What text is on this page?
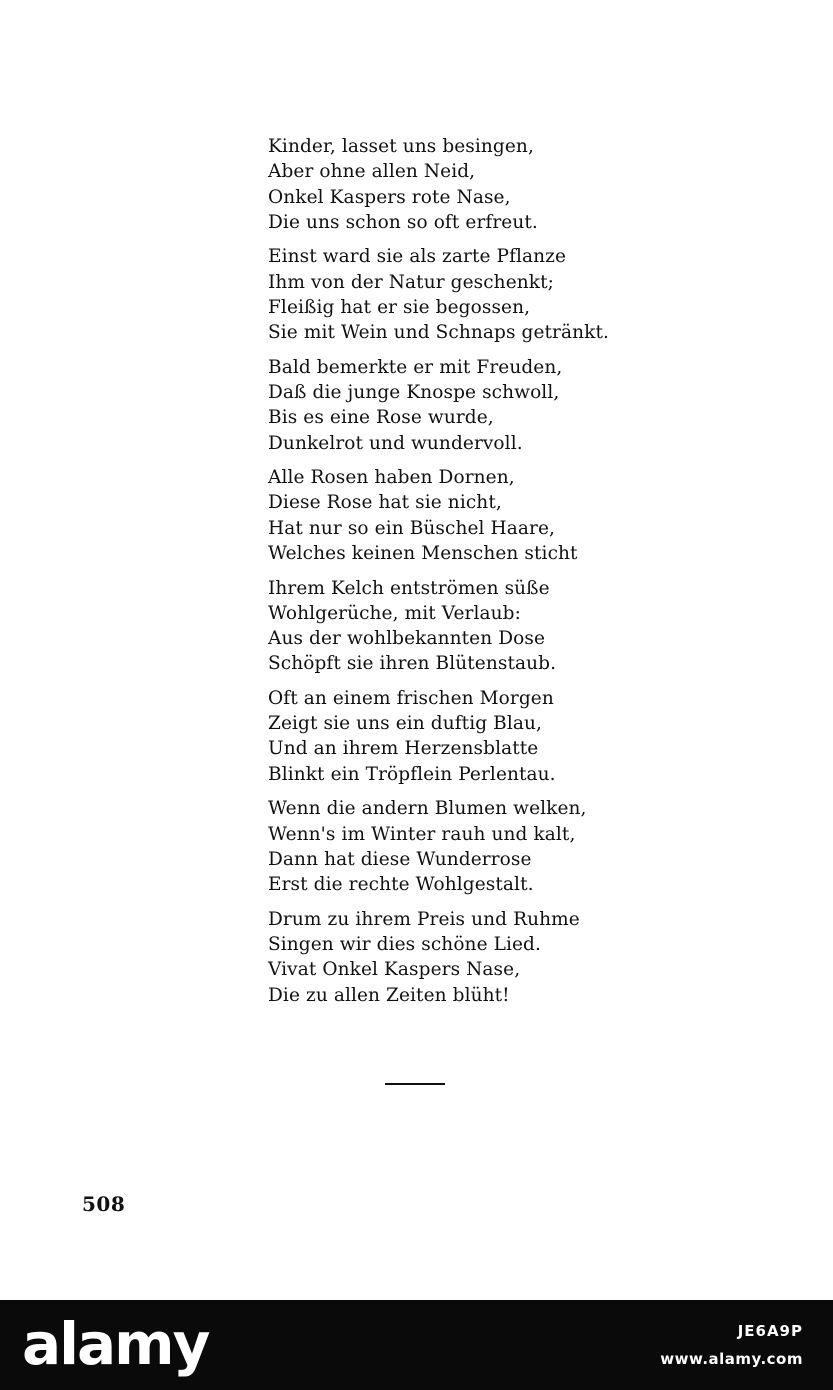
Kinder, lasset uns besingen,
Aber ohne allen Neid,
Onkel Kaspers rote Nase,
Die uns schon so oft erfreut.
Einst ward sie als zarte Pflanze
Ihm von der Natur geschenkt;
Fleißig hat er sie begossen,
Sie mit Wein und Schnaps getränkt.
Bald bemerkte er mit Freuden,
Daß die junge Knospe schwoll,
Bis es eine Rose wurde,
Dunkelrot und wundervoll.
Alle Rosen haben Dornen,
Diese Rose hat sie nicht,
Hat nur so ein Büschel Haare,
Welches keinen Menschen sticht
Ihrem Kelch entströmen süße
Wohlgerüche, mit Verlaub:
Aus der wohlbekannten Dose
Schöpft sie ihren Blütenstaub.
Oft an einem frischen Morgen
Zeigt sie uns ein duftig Blau,
Und an ihrem Herzensblatte
Blinkt ein Tröpflein Perlentau.
Wenn die andern Blumen welken,
Wenn's im Winter rauh und kalt,
Dann hat diese Wunderrose
Erst die rechte Wohlgestalt.
Drum zu ihrem Preis und Ruhme
Singen wir dies schöne Lied.
Vivat Onkel Kaspers Nase,
Die zu allen Zeiten blüht!
508
alamy	JE6A9P
www.alamy.com
